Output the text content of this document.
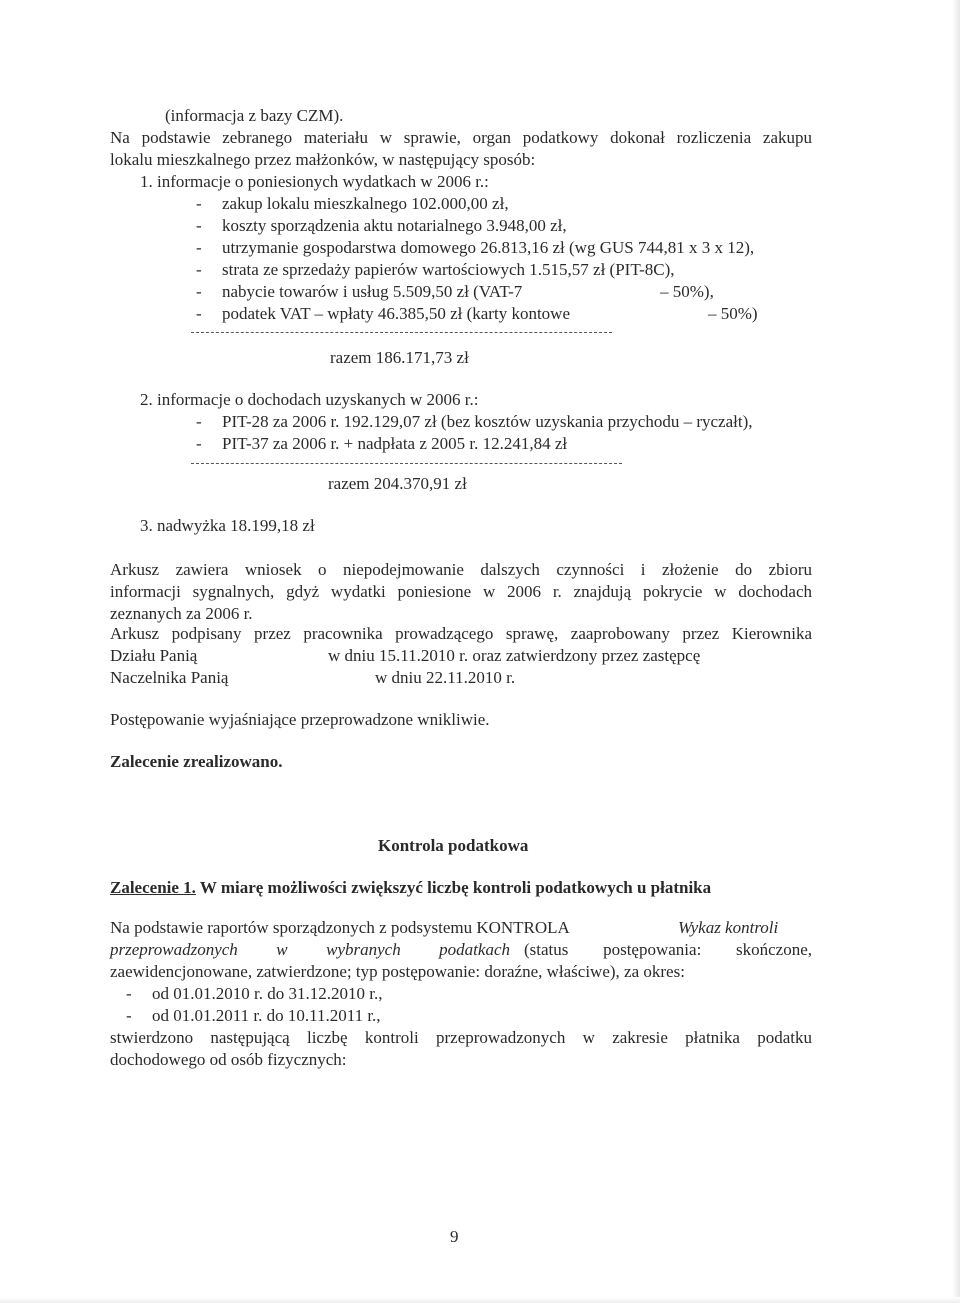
(informacja z bazy CZM).
Na podstawie zebranego materiału w sprawie, organ podatkowy dokonał rozliczenia zakupu
lokalu mieszkalnego przez małżonków, w następujący sposób:
1. informacje o poniesionych wydatkach w 2006 r.:
- zakup lokalu mieszkalnego 102.000,00 zł,
- koszty sporządzenia aktu notarialnego 3.948,00 zł,
- utrzymanie gospodarstwa domowego 26.813,16 zł (wg GUS 744,81 x 3 x 12),
- strata ze sprzedaży papierów wartościowych 1.515,57 zł (PIT-8C),
- nabycie towarów i usług 5.509,50 zł (VAT-7	– 50%),
- podatek VAT – wpłaty 46.385,50 zł (karty kontowe	– 50%)
razem 186.171,73 zł
2. informacje o dochodach uzyskanych w 2006 r.:
- PIT-28 za 2006 r. 192.129,07 zł (bez kosztów uzyskania przychodu – ryczałt),
- PIT-37 za 2006 r. + nadpłata z 2005 r. 12.241,84 zł
razem 204.370,91 zł
3. nadwyżka 18.199,18 zł
Arkusz zawiera wniosek o niepodejmowanie dalszych czynności i złożenie do zbioru
informacji sygnalnych, gdyż wydatki poniesione w 2006 r. znajdują pokrycie w dochodach
zeznanych za 2006 r.
Arkusz podpisany przez pracownika prowadzącego sprawę, zaaprobowany przez Kierownika
Działu Panią	w dniu 15.11.2010 r. oraz zatwierdzony przez zastępcę
Naczelnika Panią	w dniu 22.11.2010 r.
Postępowanie wyjaśniające przeprowadzone wnikliwie.
Zalecenie zrealizowano.
Kontrola podatkowa
Zalecenie 1. W miarę możliwości zwiększyć liczbę kontroli podatkowych u płatnika
Na podstawie raportów sporządzonych z podsystemu KONTROLA	Wykaz kontroli
przeprowadzonych w wybranych podatkach (status postępowania: skończone,
zaewidencjonowane, zatwierdzone; typ postępowanie: doraźne, właściwe), za okres:
- od 01.01.2010 r. do 31.12.2010 r.,
- od 01.01.2011 r. do 10.11.2011 r.,
stwierdzono następującą liczbę kontroli przeprowadzonych w zakresie płatnika podatku
dochodowego od osób fizycznych:
9
